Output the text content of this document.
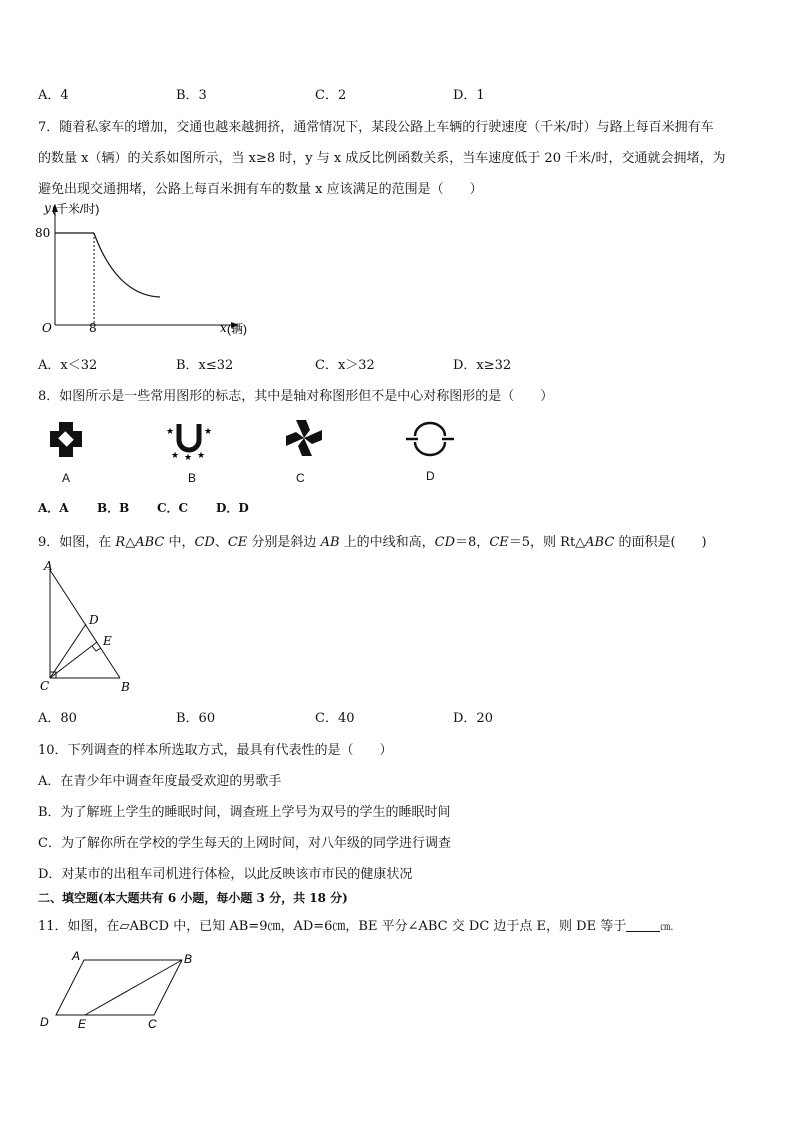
A．4	B．3	C．2	D．1
7．随着私家车的增加，交通也越来越拥挤，通常情况下，某段公路上车辆的行驶速度（千米/时）与路上每百米拥有车
的数量 x（辆）的关系如图所示，当 x≥8 时，y 与 x 成反比例函数关系，当车速度低于 20 千米/时，交通就会拥堵，为
避免出现交通拥堵，公路上每百米拥有车的数量 x 应该满足的范围是（　　）
y (千米/时)
80
O	8	x (辆)
A．x＜32	B．x≤32	C．x＞32	D．x≥32
8．如图所示是一些常用图形的标志，其中是轴对称图形但不是中心对称图形的是（　　）
★	★
★ ★ ★
A	B	C	D
A．A B．B C．C D．D
9．如图，在 R△ABC 中，CD、CE 分别是斜边 AB 上的中线和高，CD＝8，CE＝5，则 Rt△ABC 的面积是(　　)
A
D
E
C	B
A．80	B．60	C．40	D．20
10．下列调查的样本所选取方式，最具有代表性的是（　　）
A．在青少年中调查年度最受欢迎的男歌手
B．为了解班上学生的睡眠时间，调查班上学号为双号的学生的睡眠时间
C．为了解你所在学校的学生每天的上网时间，对八年级的同学进行调查
D．对某市的出租车司机进行体检，以此反映该市市民的健康状况
二、填空题(本大题共有 6 小题，每小题 3 分，共 18 分)
11．如图，在▱ABCD 中，已知 AB=9㎝，AD=6㎝，BE 平分∠ABC 交 DC 边于点 E，则 DE 等于	㎝.
A	B
D E	C
